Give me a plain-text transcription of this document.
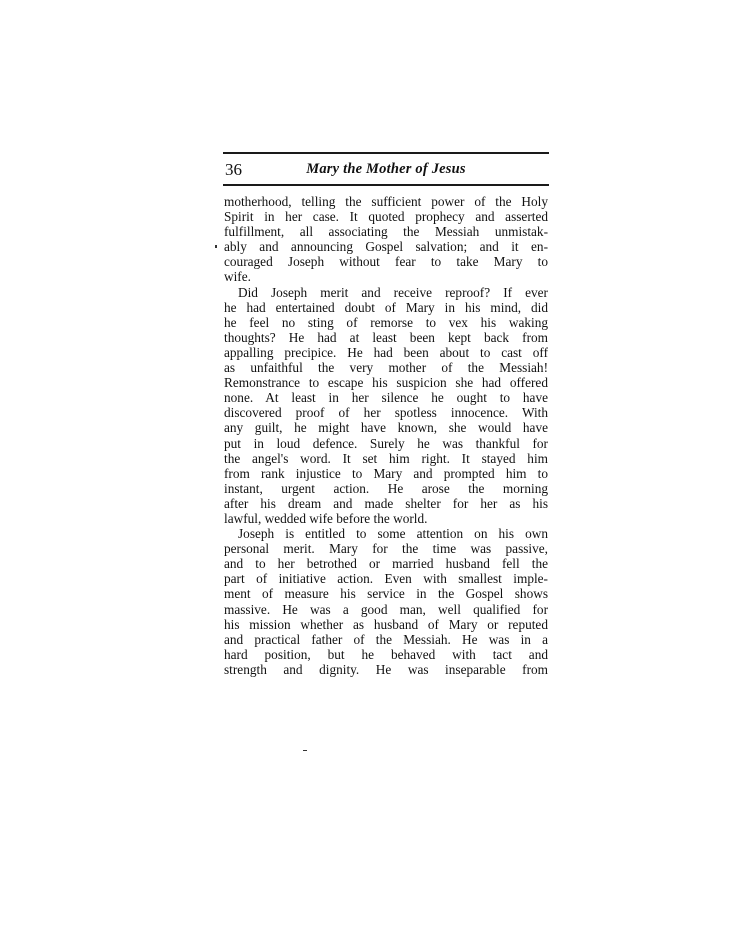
36	Mary the Mother of Jesus
motherhood, telling the sufficient power of the Holy
Spirit in her case. It quoted prophecy and asserted
fulfillment, all associating the Messiah unmistak-
ably and announcing Gospel salvation; and it en-
couraged Joseph without fear to take Mary to
wife.
Did Joseph merit and receive reproof? If ever
he had entertained doubt of Mary in his mind, did
he feel no sting of remorse to vex his waking
thoughts? He had at least been kept back from
appalling precipice. He had been about to cast off
as unfaithful the very mother of the Messiah!
Remonstrance to escape his suspicion she had offered
none. At least in her silence he ought to have
discovered proof of her spotless innocence. With
any guilt, he might have known, she would have
put in loud defence. Surely he was thankful for
the angel's word. It set him right. It stayed him
from rank injustice to Mary and prompted him to
instant, urgent action. He arose the morning
after his dream and made shelter for her as his
lawful, wedded wife before the world.
Joseph is entitled to some attention on his own
personal merit. Mary for the time was passive,
and to her betrothed or married husband fell the
part of initiative action. Even with smallest imple-
ment of measure his service in the Gospel shows
massive. He was a good man, well qualified for
his mission whether as husband of Mary or reputed
and practical father of the Messiah. He was in a
hard position, but he behaved with tact and
strength and dignity. He was inseparable from
